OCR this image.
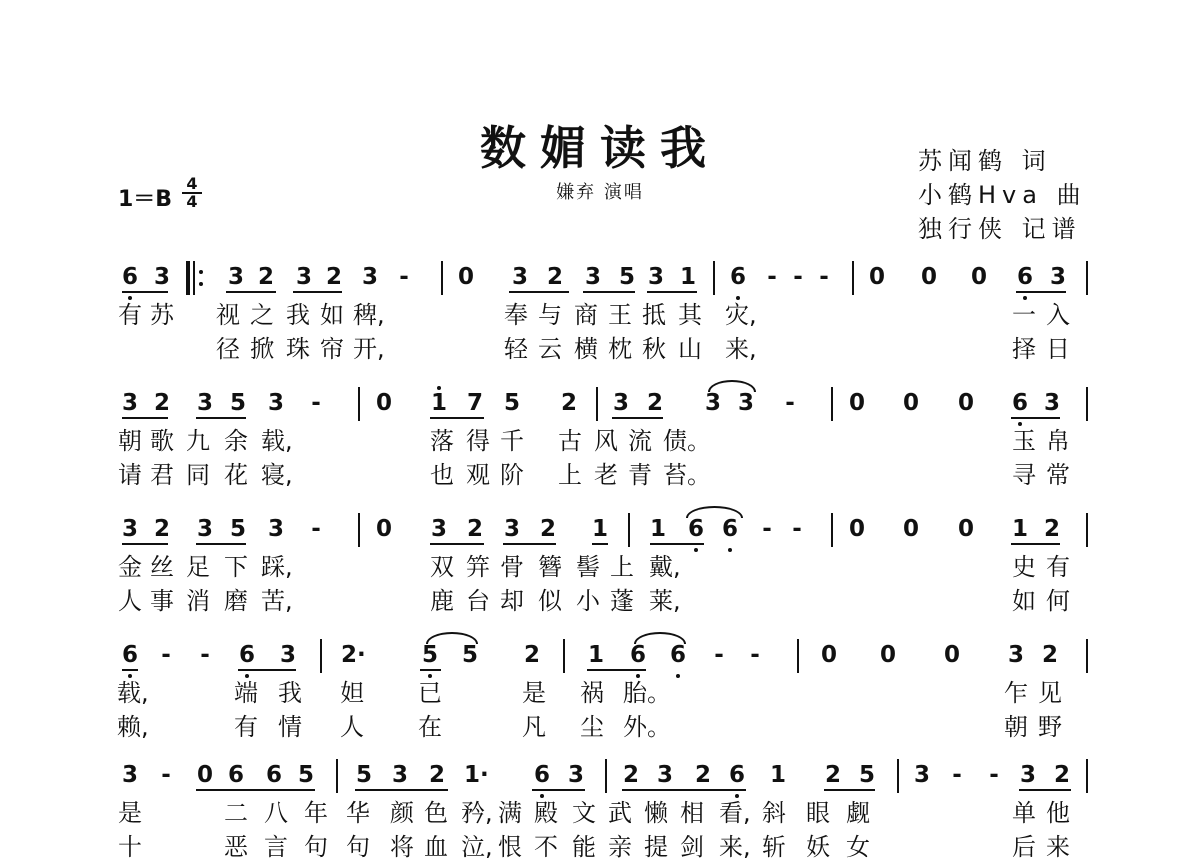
数媚读我
嫌弃 演唱
苏闻鹤 词
小鹤Hva 曲
独行侠 记谱
1＝B
4
4
6 3	3 2 3 2 3 - 0 3 2 3 5 3 1 6 - - - 0 0 0 6 3
有 苏 视 之 我 如 稗,	奉 与 商 王 抵 其 灾,	一 入
径 掀 珠 帘 开,	轻 云 横 枕 秋 山 来,	择 日
3 2 3 5 3 - 0 1 7 5 2 3 2 3 3 - 0 0 0 6 3
朝 歌 九 余 载,	落 得 千 古 风 流 债。	玉 帛
请 君 同 花 寝,	也 观 阶 上 老 青 苔。	寻 常
3 2 3 5 3 - 0 3 2 3 2 1 1 6 6 - - 0 0 0 1 2
金 丝 足 下 踩,	双 笄 骨 簪 髻 上 戴,	史 有
人 事 消 磨 苦,	鹿 台 却 似 小 蓬 莱,	如 何
6 - - 6 3 2· 5 5 2 1 6 6 - -	0 0 0 3 2
载,	端 我 妲 已	是 祸 胎。	乍 见
赖,	有 情 人 在	凡 尘 外。	朝 野
3 - 0 6 6 5 5 3 2 1· 6 3 2 3 2 6 1 2 5 3 - - 3 2
是	二 八 年 华 颜 色 矜, 满 殿 文 武 懒 相 看, 斜 眼 觑	单 他
十	恶 言 句 句 将 血 泣, 恨 不 能 亲 提 剑 来, 斩 妖 女	后 来
